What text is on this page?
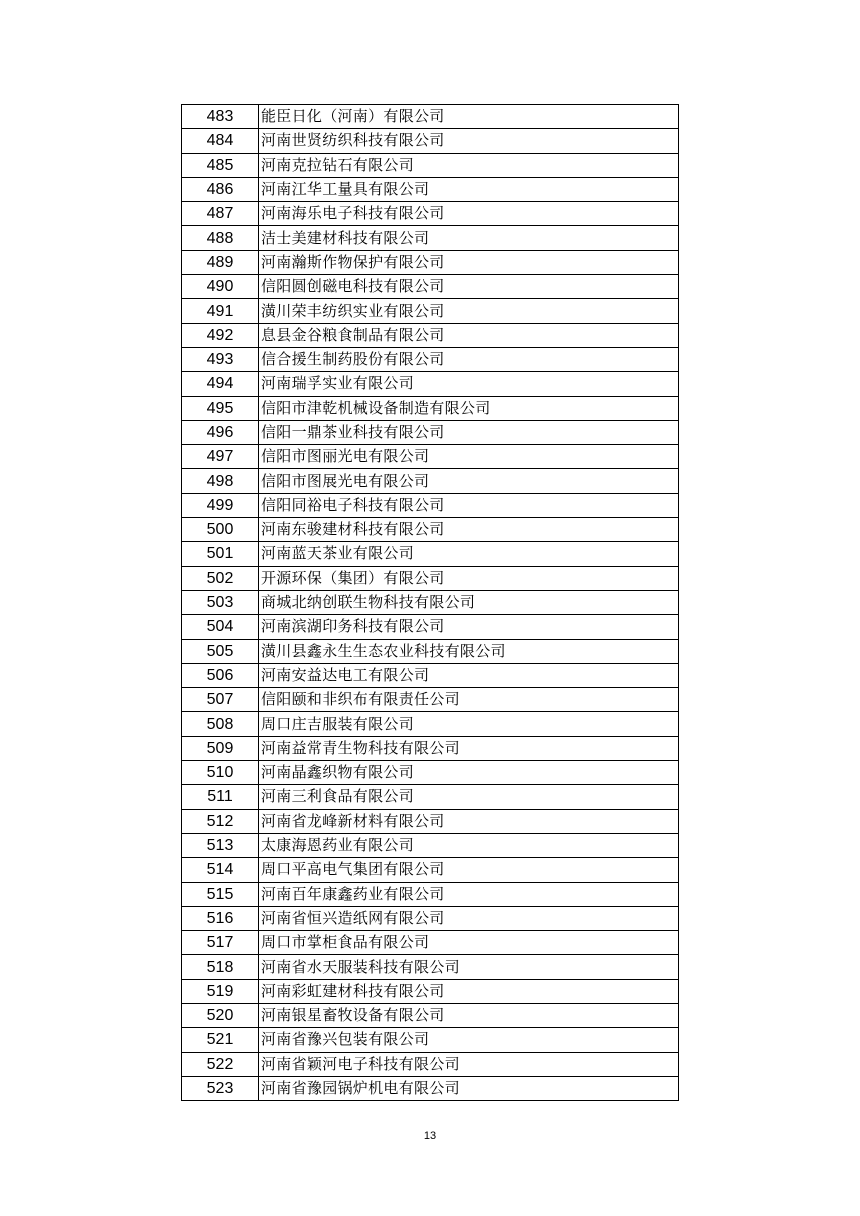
483	能臣日化（河南）有限公司
484	河南世贤纺织科技有限公司
485	河南克拉钻石有限公司
486	河南江华工量具有限公司
487	河南海乐电子科技有限公司
488	洁士美建材科技有限公司
489	河南瀚斯作物保护有限公司
490	信阳圆创磁电科技有限公司
491	潢川荣丰纺织实业有限公司
492	息县金谷粮食制品有限公司
493	信合援生制药股份有限公司
494	河南瑞孚实业有限公司
495	信阳市津乾机械设备制造有限公司
496	信阳一鼎茶业科技有限公司
497	信阳市图丽光电有限公司
498	信阳市图展光电有限公司
499	信阳同裕电子科技有限公司
500	河南东骏建材科技有限公司
501	河南蓝天茶业有限公司
502	开源环保（集团）有限公司
503	商城北纳创联生物科技有限公司
504	河南滨湖印务科技有限公司
505	潢川县鑫永生生态农业科技有限公司
506	河南安益达电工有限公司
507	信阳颐和非织布有限责任公司
508	周口庄吉服装有限公司
509	河南益常青生物科技有限公司
510	河南晶鑫织物有限公司
511	河南三利食品有限公司
512	河南省龙峰新材料有限公司
513	太康海恩药业有限公司
514	周口平高电气集团有限公司
515	河南百年康鑫药业有限公司
516	河南省恒兴造纸网有限公司
517	周口市掌柜食品有限公司
518	河南省水天服装科技有限公司
519	河南彩虹建材科技有限公司
520	河南银星畜牧设备有限公司
521	河南省豫兴包装有限公司
522	河南省颖河电子科技有限公司
523	河南省豫园锅炉机电有限公司
13
